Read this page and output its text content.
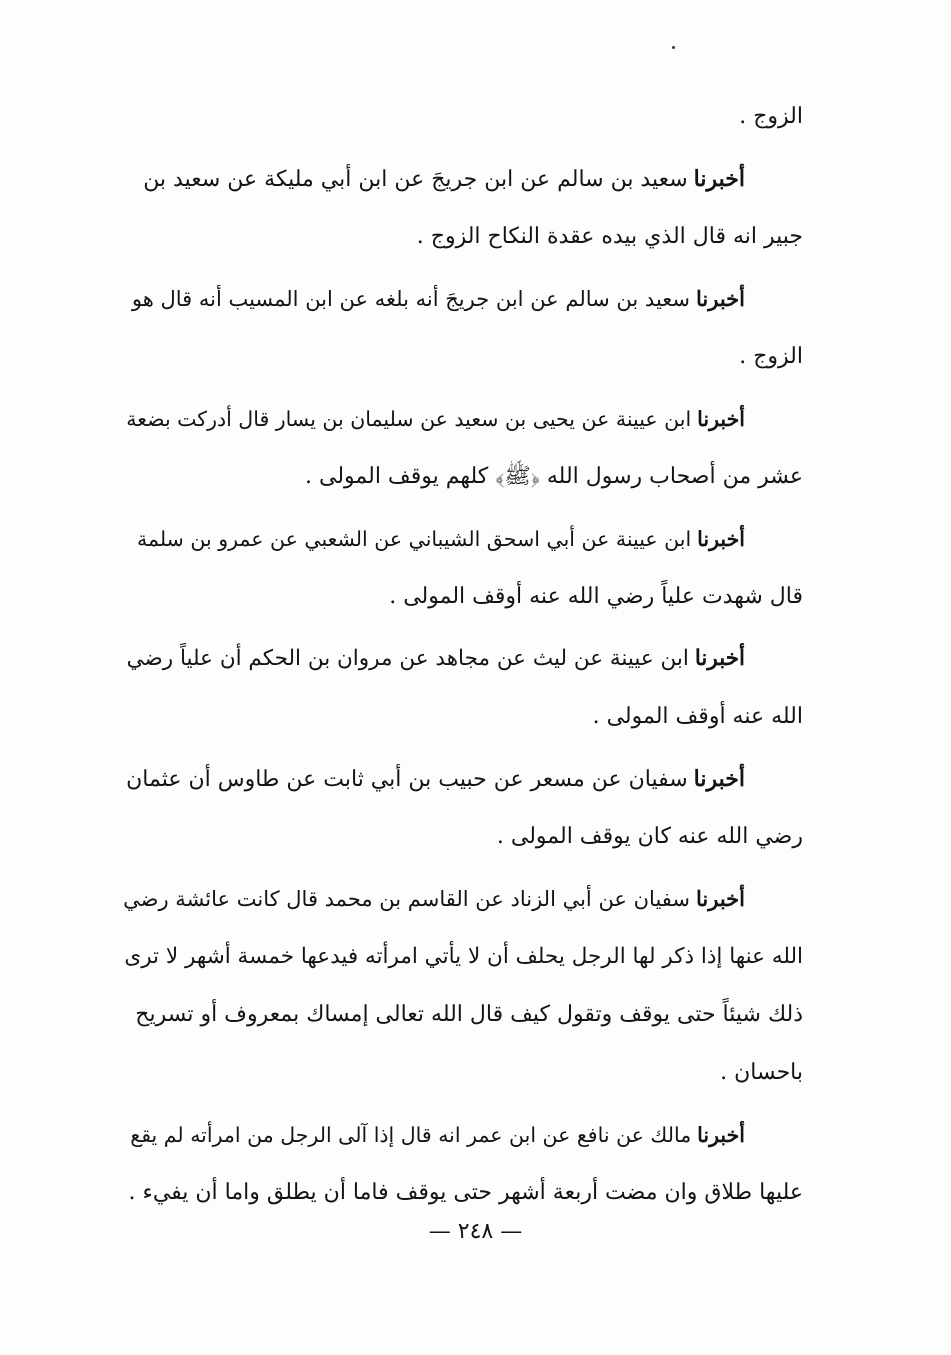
الزوج .
أخبرناسعيد بن سالم عن ابن جريجَ عن ابن أبي مليكة عن سعيد بن
جبير انه قال الذي بيده عقدة النكاح الزوج .
أخبرناسعيد بن سالم عن ابن جريجَ أنه بلغه عن ابن المسيب أنه قال هو
الزوج .
أخبرناابن عيينة عن يحيى بن سعيد عن سليمان بن يسار قال أدركت بضعة
عشر من أصحاب رسول الله ﴿ﷺ﴾ كلهم يوقف المولى .
أخبرناابن عيينة عن أبي اسحق الشيباني عن الشعبي عن عمرو بن سلمة
قال شهدت علياً رضي الله عنه أوقف المولى .
أخبرناابن عيينة عن ليث عن مجاهد عن مروان بن الحكم أن علياً رضي
الله عنه أوقف المولى .
أخبرناسفيان عن مسعر عن حبيب بن أبي ثابت عن طاوس أن عثمان
رضي الله عنه كان يوقف المولى .
أخبرناسفيان عن أبي الزناد عن القاسم بن محمد قال كانت عائشة رضي
الله عنها إذا ذكر لها الرجل يحلف أن لا يأتي امرأته فيدعها خمسة أشهر لا ترى
ذلك شيئاً حتى يوقف وتقول كيف قال الله تعالى إمساك بمعروف أو تسريح
باحسان .
أخبرنامالك عن نافع عن ابن عمر انه قال إذا آلى الرجل من امرأته لم يقع
عليها طلاق وان مضت أربعة أشهر حتى يوقف فاما أن يطلق واما أن يفيء .
— ٢٤٨ —
